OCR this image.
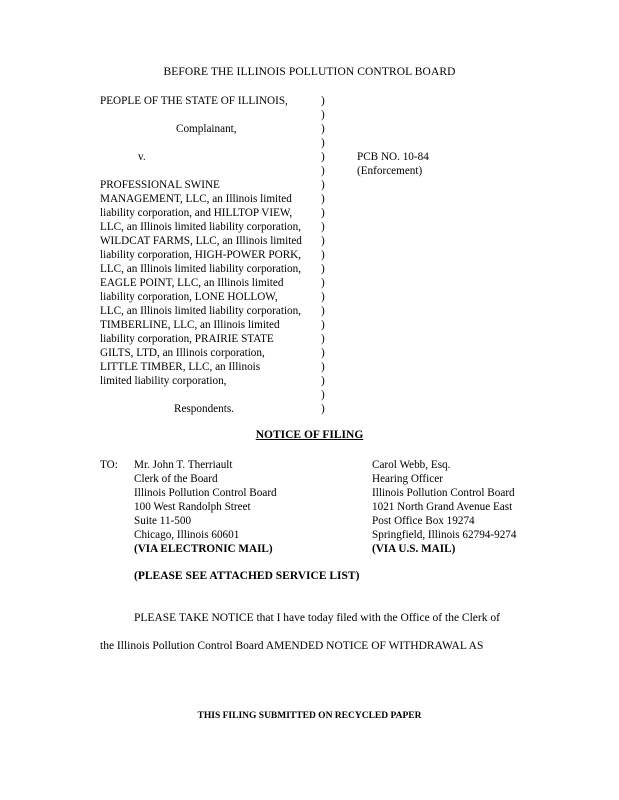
BEFORE THE ILLINOIS POLLUTION CONTROL BOARD
PEOPLE OF THE STATE OF ILLINOIS,
Complainant,
v.
PROFESSIONAL SWINE
MANAGEMENT, LLC, an Illinois limited
liability corporation, and HILLTOP VIEW,
LLC, an Illinois limited liability corporation,
WILDCAT FARMS, LLC, an Illinois limited
liability corporation, HIGH-POWER PORK,
LLC, an Illinois limited liability corporation,
EAGLE POINT, LLC, an Illinois limited
liability corporation, LONE HOLLOW,
LLC, an Illinois limited liability corporation,
TIMBERLINE, LLC, an Illinois limited
liability corporation, PRAIRIE STATE
GILTS, LTD, an Illinois corporation,
LITTLE TIMBER, LLC, an Illinois
limited liability corporation,
Respondents.
)
)
)
)
)
)
)
)
)
)
)
)
)
)
)
)
)
)
)
)
)
)
)
PCB NO. 10-84
(Enforcement)
NOTICE OF FILING
TO: Mr. John T. Therriault
Clerk of the Board
Illinois Pollution Control Board
100 West Randolph Street
Suite 11-500
Chicago, Illinois 60601
(VIA ELECTRONIC MAIL)
Carol Webb, Esq.
Hearing Officer
Illinois Pollution Control Board
1021 North Grand Avenue East
Post Office Box 19274
Springfield, Illinois 62794-9274
(VIA U.S. MAIL)
(PLEASE SEE ATTACHED SERVICE LIST)
PLEASE TAKE NOTICE that I have today filed with the Office of the Clerk of
the Illinois Pollution Control Board AMENDED NOTICE OF WITHDRAWAL AS
THIS FILING SUBMITTED ON RECYCLED PAPER
